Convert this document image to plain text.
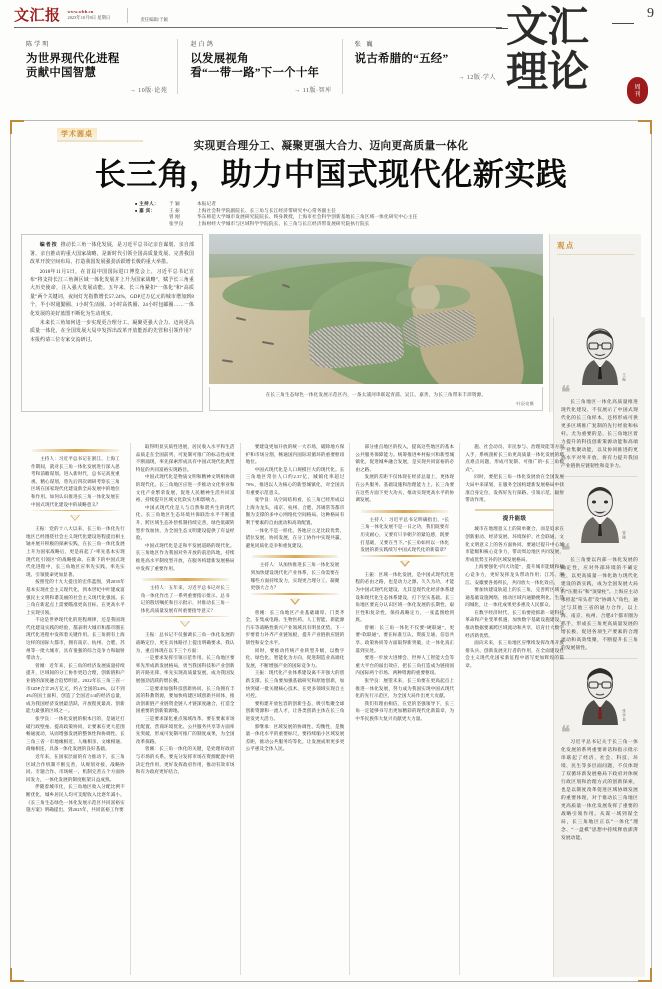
文汇报 www.whb.cn
2023年10月8日 星期日	责任编辑/于颖
陈学明
为世界现代化进程
贡献中国智慧
→ 10版·论苑
赵白鸽
以发展视角
看“一带一路”下一个十年
→ 11版·智库
张 巍
说古希腊的“五经”
→ 12版·学人
9
文汇
理论	周
刊
学术圆桌
实现更合理分工、凝聚更强大合力、迈向更高质量一体化
长三角，助力中国式现代化新实践
■ 主持人：	于 颖	本报记者
■ 嘉 宾：	王 振	上海社会科学院副院长、长三角与长江经济带研究中心常务副主任
曾 刚	华东师范大学城市发展研究院院长、终身教授，上海市社会科学创新基地长三角区域一体化研究中心主任
张学良	上海财经大学城市与区域科学学院院长、长三角与长江经济带发展研究院执行院长

编者按 推动长三角一体化发展，是习近平总书记亲自谋划、亲自部署、亲自推动的重大国家战略，是新时代引领全国高质量发展、完善我国改革开放空间布局、打造我国发展强劲活跃增长极的重大举措。

2018年11月5日，在首届中国国际进口博览会上，习近平总书记宣布“将支持长江三角洲区域一体化发展并上升为国家战略”，赋予长三角重大历史使命，注入强大发展动能。五年来，长三角紧扣“一体化”和“高质量”两个关键词，夜间灯光指数增长57.24%，GDP过万亿元的城市增加到8个，半小时通勤圈、1小时生活圈、3小时高铁圈、24小时包邮圈……一体化发展的美好蓝图不断化为生动现实。

未来长三角如何进一步实现更合理分工、凝聚更强大合力、迈向更高质量一体化，在全国发展大局中发挥出改革开放能泺的先管和引领作用？本报约请三位专家交流研讨。

在长三角生态绿色一体化发展示范区内，一条太浦河串联起青浦、吴江、嘉善，为长三角带来丰沛资源。
叶辰亮摄
观点
王振
❝
长三角地区一体化高质量推进现代化建设，不仅展示了中国式现代化的长三角样本，还将形成可供更多区域推广复制的先行经验和标杆。尤为重要的是，长三角地区着力提升的科技创新策源动能和高端产业集聚动能，以及协同推进的更高水平对外开放，将有力提升我国产业链供应链韧性和竞争力。
曾刚
❝
长三角要以内部一体化发展的确定性，应对外部环境的不确定性，以更高质量一体化助力现代化建设的新实践，成为全国发展大局的“压舱石”和“顶梁柱”。上海应主动承担起“牵头者”及“协调人”角色，通过与其他三省的通力合作，以上海、南京、杭州、合肥4个都市圈为抓手，形成长三角更高质量发展的增长极，促进各项生产要素的合理流动和高效集聚，不断提升长三角的发展韧性。
张学良
❝
习近平总书记关于长三角一体化发展的系列重要讲话和指示批示串联起了经济、社会、科技、环境、民生等多层面问题，不仅体现了双循环新发展格局下政府对体统行政区划和治理方式的创新探索，也是以制度改革促进区域协调发展的重要体现，对于推动长三角地区更高质量一体化发展发挥了重要的战略引领作用。从谋一域到谋全局，长三角地区正以“一体化”理念、“一盘棋”思想中持续释放澎湃发展动能。
主持人：习近平总书记在浙江、上海工作期间，就对长三角一体化发展进行深入思考和前瞻谋划。进入新时代，总书记高度重视、精心谋划，曾先后四次调研考察长三角区域在国家现代化建设新全局发展中的地位和作用。如何认识推进长三角一体化发展在中国式现代化建设中的战略意义？

王振：党的十八大以来，长三角一体化先行地区已经围绕社会主义现代化建设进程提出相主轴并展开积极的探索实践，在长三角一体化发展上升为国家战略后，更是肩起了“率先基本实现现代化引领区”的战略使命。在新下的中国式现代化进程中，长三角地区应率先实践、率先实现、引领使命更加显著。

按照党的十九大提出的宏伟蓝图，到2035年基本实现社会主义现代化，到本世纪中叶建成富强民主文明和谐美丽的社会主义现代化强国。长三角在新起点上需要瞄准更高目标，在更高水平上实现引领。

不论是世界现代化的进程规律，还是我国现代化建设实践的经验，都表明大城市和都市圈在现代化进程中发挥着关键作用。长三角拥有上海这样的国际大都市，拥有南京、杭州、合肥、苏州等一批大城市，具有很强的综合竞争力和辐射带动力。

曾刚：近年来，长三角的经济发展质量持续提升，区域间的分工协作更趋合理，创新链和产业链的深度融合趋势明显。2022年长三角三省一市GDP合计29万亿元，约占全国的24%，以不到4%的国土面积，创造了全国近1/4的经济总量，成为我国经济发展最活跃、开放程度最高、创新能力最强的区域之一。

张学良：一体化发展的根本目的，是通过打破行政壁垒、提高政策协同，让要素在更大范围畅通流动，从而增强发展的整体性和协调性。长三角三省一市地缘相近、人缘相亲、文缘相通、商缘相连，具备一体化发展的良好基础。

近年来，在国家层面的有力推动下，长三角区域合作机制不断完善，从规划对接、战略协同、专题合作、市场统一、机制完善五个方面协同发力，一体化发展的制度框架日益成熟。

伴随着城市化，长三角地区收入分配比例不断优化，城乡居民人均可支配收入比逐年减小。《长三角生态绿色一体化发展示范区共同富裕实施方案》明确提出，到2025年，共同富裕工作要

取得明显实质性进展，居民收入水平和生活品质走在全国前列，可复制可推广的标志性成果不断涌现，率先探索形成具有中国式现代化典型特征的共同富裕实现路径。

中国式现代化是物质文明和精神文明相协调的现代化。长三角地区应进一步推动文化事业和文化产业繁荣发展，促进人民精神生活共同富裕，持续提升区域文化软实力和影响力。

中国式现代化是人与自然和谐共生的现代化。长三角地区生态环境共保联治水平不断提升，跨区域生态补偿机制持续完善，绿色低碳转型步伐加快，为全国生态文明建设提供了有益经验。

中国式现代化是走和平发展道路的现代化。长三角地区作为我国对外开放的前沿阵地，持续推进高水平制度型开放，在服务构建新发展格局中发挥了重要作用。

主持人：五年来，习近平总书记对长三角一体化作出了一系列重要指示批示。总书记的殷切嘱托和目示批示，对推动长三角一体化高质量发展有何重要指导意义？

王振：总书记不仅强调长三角一体化发展的战略定位，更在具体路径上提出明确要求。我认为，重点体现在以下三个方面：

一是要求发挥引领示范作用。长三角地区要率先形成新发展格局，勇当我国科技和产业创新的开路先锋，率先实现高质量发展，成为我国发展强劲活跃的增长极。

二是要求加强科技创新协同。长三角拥有丰富的科教资源，要加快构建区域创新共同体，推动创新链产业链资金链人才链深度融合，打造全国重要的创新策源地。

三是要求深化重点领域改革。要在要素市场化配置、营商环境优化、公共服务共享等方面率先突破，形成可复制可推广的制度成果，为全国改革探路。

曾刚：长三角一体化的关键，是处理好政府与市场的关系。要充分发挥市场在资源配置中的决定性作用，更好发挥政府作用，推动有效市场和有为政府更好结合。

要建设更加开放的统一大市场，破除地方保护和市场分割，畅通国内国际双循环的重要枢纽地位。

中国式现代化是人口规模巨大的现代化。长三角地区常住人口约2.37亿，城镇化率超过70%，推进以人为核心的新型城镇化，对全国具有重要示范意义。

张学良：从空间结构看，长三角已经形成以上海为龙头，南京、杭州、合肥、苏锡常等都市圈为支撑的多中心网络化空间格局。这种格局有利于要素的自由流动和高效配置。

一体化不是一样化。各地应立足比较优势，错位发展、协同发展，在分工协作中实现共赢，避免同质化竞争和重复建设。

主持人：从加快推进长三角一体化发展到加快建设现代化产业体系，长三角需要在哪些方面持续发力，实现更合理分工、凝聚更强大合力？

曾刚：长三角地区产业基础雄厚、门类齐全，在集成电路、生物医药、人工智能、新能源汽车等战略性新兴产业领域具有明显优势。下一步要着力补齐产业链短板，提升产业链供应链的韧性和安全水平。

同时，要推动传统产业转型升级，以数字化、绿色化、智能化为方向，促进制造业高端化发展，不断增强产业的国际竞争力。

王振：现代化产业体系建设离不开强大的创新支撑。长三角要加强基础研究和原始创新，加快突破一批关键核心技术，在更多领域实现自主可控。

要构建开放包容的创新生态，吸引集聚全球创新资源和一流人才，让各类创新主体在长三角迸发更大活力。

郭继承：区域发展的协调性、均衡性，是衡量一体化水平的重要标尺。要持续缩小区域发展差距，推动公共服务均等化，让发展成果更多更公平惠及全体人民。

部分重点地区的投入，提高这些地区的基本公共服务保障能力。统筹推进乡村振兴和新型城镇化，促进城乡融合发展，是实现共同富裕的必由之路。

发展的差距不仅体现在经济总量上，更体现在公共服务、基础设施和治理能力上。长三角要在这些方面下更大功夫，推动实现更高水平的协调发展。

主持人：习近平总书记明确指出，“长三角一体化发展不是一日之功，我们既要有历史耐心，又要有只争朝夕的紧迫感，既要打基础，又要在当下。”长三角如何以一体化发展的新实践续写中国式现代化的新篇章？

王振：区域一体化发展，是中国式现代化进程的必由之路，也是动力之源。久久为功，才能为中国式现代化建设、尤其是现代化经济体系建设和现代化生态体系建设，打下坚实基础。长三角地区要充分认识区域一体化发展的长期性、艰巨性和复杂性，保持战略定力，一张蓝图绘到底。

曾刚：长三角一体化不仅要“硬联通”，更要“软联通”。要在标准互认、资质互通、信息共享、政策协同等方面取得新突破，让一体化真正落到实处。

要进一步放大进博会、世界人工智能大会等重大平台的溢出效应，把长三角打造成为链接国内国际两个市场、两种资源的重要枢纽。

张学良：展望未来，长三角要在更高起点上推进一体化发展，努力成为我国实现中国式现代化的先行示范区，为全国大局作出更大贡献。

我们有理由相信，在党的坚强领导下，长三角一定能够书写出更加精彩的现代化新篇章，为中华民族伟大复兴贡献更大力量。

施、社会动员、市民参与、治理效能等方面入手，系统剖析长三角更高质量一体化发展的堵点难点问题，形成可复制、可推广的“长三角模式”。

同时，要把长三角一体化发展放在全国发展大局中来谋划，在服务全国构建新发展格局中找准自身定位，发挥好先行探路、引领示范、辐射带动作用。

提升能级

城市在地理意义上的简单聚合，而是追求在创新驱动、经济发展、环境保护、社会联通、文化文明意义上的各方面协同。要通过提升中心城市能级和核心竞争力，带动周边地区共同发展，形成优势互补的区域发展格局。

上海要强化“四大功能”，提升城市能级和核心竞争力，更好发挥龙头带动作用；江苏、浙江、安徽要各扬所长，共同放大一体化效应。

要加快建设轨道上的长三角，完善跨区域交通基础设施网络，推动区域内通勤便利化、生活同城化，让一体化成果更多惠及人民群众。

在数字经济时代，长三角要抢抓新一轮科技革命和产业变革机遇，加快数字基础设施建设，推动数据要素跨区域流动和共享，培育壮大数字经济新优势。

面向未来，长三角地区应继续发挥改革开放排头兵、创新发展先行者的作用，在全面建设社会主义现代化国家新征程中谱写更加辉煌的篇章。
